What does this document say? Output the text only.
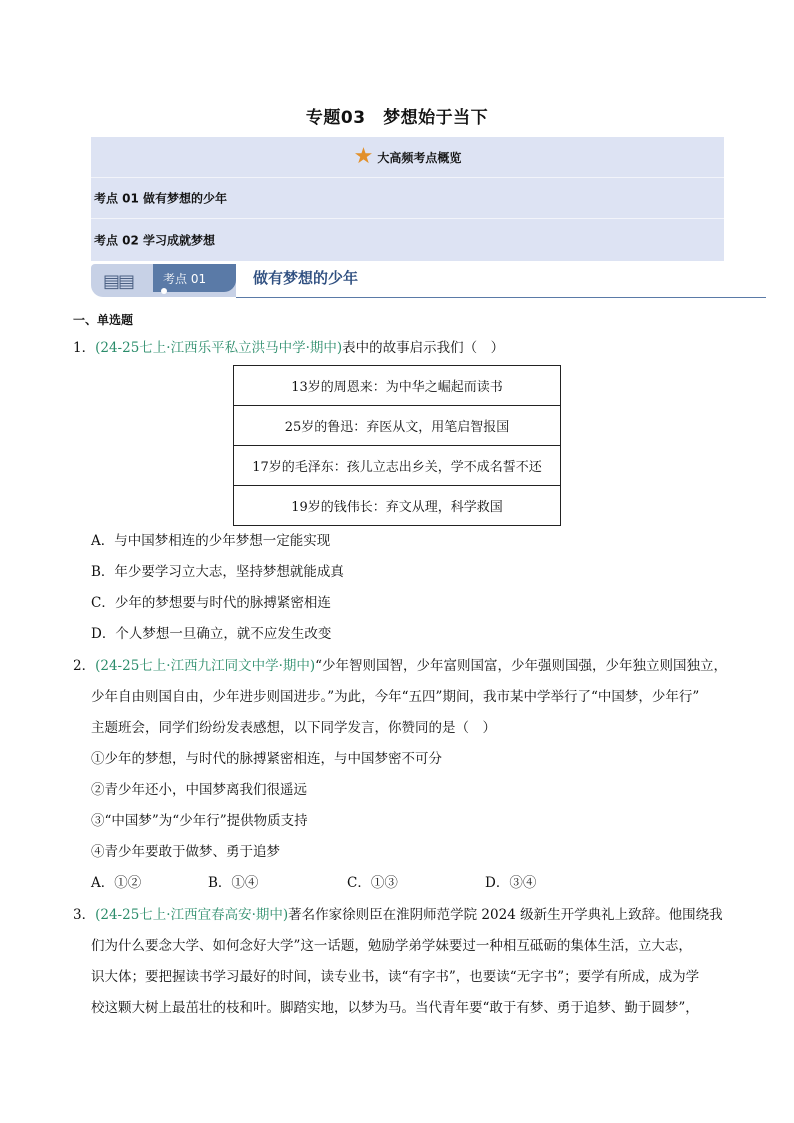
专题03　梦想始于当下
★ 大高频考点概览
考点 01 做有梦想的少年
考点 02 学习成就梦想
▤▤ 考点 01	做有梦想的少年
一、单选题
1．(24-25七上·江西乐平私立洪马中学·期中)表中的故事启示我们（　）
13岁的周恩来：为中华之崛起而读书
25岁的鲁迅：弃医从文，用笔启智报国
17岁的毛泽东：孩儿立志出乡关，学不成名誓不还
19岁的钱伟长：弃文从理，科学救国
A．与中国梦相连的少年梦想一定能实现
B．年少要学习立大志，坚持梦想就能成真
C．少年的梦想要与时代的脉搏紧密相连
D．个人梦想一旦确立，就不应发生改变
2．(24-25七上·江西九江同文中学·期中)“少年智则国智，少年富则国富，少年强则国强，少年独立则国独立，
少年自由则国自由，少年进步则国进步。”为此，今年“五四”期间，我市某中学举行了“中国梦，少年行”
主题班会，同学们纷纷发表感想，以下同学发言，你赞同的是（　）
①少年的梦想，与时代的脉搏紧密相连，与中国梦密不可分
②青少年还小，中国梦离我们很遥远
③“中国梦”为“少年行”提供物质支持
④青少年要敢于做梦、勇于追梦
A．①②	B．①④	C．①③	D．③④
3．(24-25七上·江西宜春高安·期中)著名作家徐则臣在淮阴师范学院 2024 级新生开学典礼上致辞。他围绕我
们为什么要念大学、如何念好大学”这一话题，勉励学弟学妹要过一种相互砥砺的集体生活，立大志，
识大体；要把握读书学习最好的时间，读专业书，读“有字书”，也要读“无字书”；要学有所成，成为学
校这颗大树上最茁壮的枝和叶。脚踏实地，以梦为马。当代青年要“敢于有梦、勇于追梦、勤于圆梦”，
